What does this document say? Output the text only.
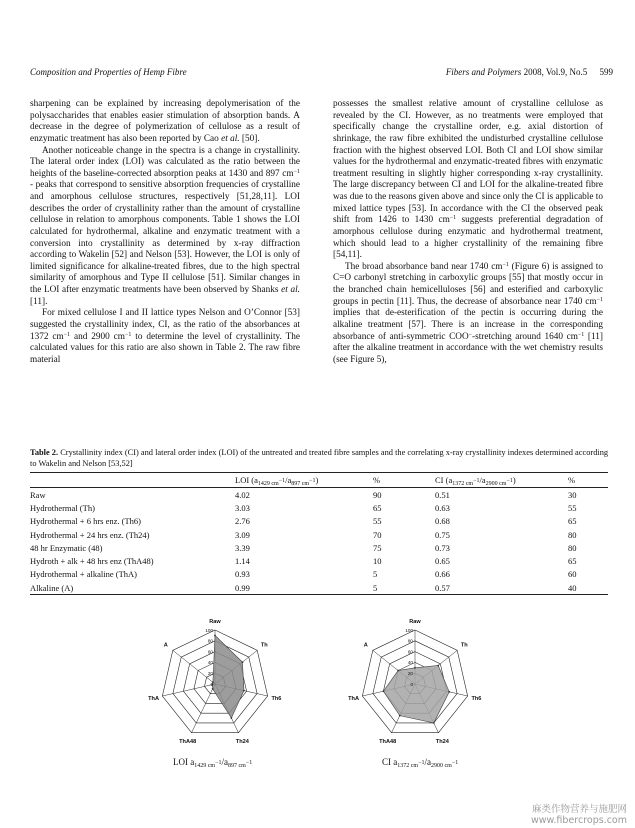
Composition and Properties of Hemp Fibre	Fibers and Polymers 2008, Vol.9, No.5 599

sharpening can be explained by increasing depolymerisation of the polysaccharides that enables easier stimulation of absorption bands. A decrease in the degree of polymerization of cellulose as a result of enzymatic treatment has also been reported by Cao et al. [50].

Another noticeable change in the spectra is a change in crystallinity. The lateral order index (LOI) was calculated as the ratio between the heights of the baseline-corrected absorption peaks at 1430 and 897 $cm^{-1}$ - peaks that correspond to sensitive absorption frequencies of crystalline and amorphous cellulose structures, respectively [51,28,11]. LOI describes the order of crystallinity rather than the amount of crystalline cellulose in relation to amorphous components. Table 1 shows the LOI calculated for hydrothermal, alkaline and enzymatic treatment with a conversion into crystallinity as determined by x-ray diffraction according to Wakelin [52] and Nelson [53]. However, the LOI is only of limited significance for alkaline-treated fibres, due to the high spectral similarity of amorphous and Type II cellulose [51]. Similar changes in the LOI after enzymatic treatments have been observed by Shanks et al. [11].

For mixed cellulose I and II lattice types Nelson and O’Connor [53] suggested the crystallinity index, CI, as the ratio of the absorbances at 1372 $cm^{-1}$ and 2900 $cm^{-1}$ to determine the level of crystallinity. The calculated values for this ratio are also shown in Table 2. The raw fibre material

possesses the smallest relative amount of crystalline cellulose as revealed by the CI. However, as no treatments were employed that specifically change the crystalline order, e.g. axial distortion of shrinkage, the raw fibre exhibited the undisturbed crystalline cellulose fraction with the highest observed LOI. Both CI and LOI show similar values for the hydrothermal and enzymatic-treated fibres with enzymatic treatment resulting in slightly higher corresponding x-ray crystallinity. The large discrepancy between CI and LOI for the alkaline-treated fibre was due to the reasons given above and since only the CI is applicable to mixed lattice types [53]. In accordance with the CI the observed peak shift from 1426 to 1430 $cm^{-1}$ suggests preferential degradation of amorphous cellulose during enzymatic and hydrothermal treatment, which should lead to a higher crystallinity of the remaining fibre [54,11].

The broad absorbance band near 1740 $cm^{-1}$ (Figure 6) is assigned to C=O carbonyl stretching in carboxylic groups [55] that mostly occur in the branched chain hemicelluloses [56] and esterified and carboxylic groups in pectin [11]. Thus, the decrease of absorbance near 1740 $cm^{-1}$ implies that de-esterification of the pectin is occurring during the alkaline treatment [57]. There is an increase in the corresponding absorbance of anti-symmetric COO−-stretching around 1640 $cm^{-1}$ [11] after the alkaline treatment in accordance with the wet chemistry results (see Figure 5),

Table 2. Crystallinity index (CI) and lateral order index (LOI) of the untreated and treated fibre samples and the correlating x-ray crystallinity indexes determined according to Wakelin and Nelson [53,52]
	LOI $(a_{1429 cm^{-1}}/a_{897 cm^{-1}})$	%	CI $(a_{1372 cm^{-1}}/a_{2900 cm^{-1}})$	%
Raw	4.02	90	0.51	30
Hydrothermal (Th)	3.03	65	0.63	55
Hydrothermal + 6 hrs enz. (Th6)	2.76	55	0.68	65
Hydrothermal + 24 hrs enz. (Th24)	3.09	70	0.75	80
48 hr Enzymatic (48)	3.39	75	0.73	80
Hydroth + alk + 48 hrs enz (ThA48)	1.14	10	0.65	65
Hydrothermal + alkaline (ThA)	0.93	5	0.66	60
Alkaline (A)	0.99	5	0.57	40
0
20
40
60
80
100
Raw
Th
Th6
Th24
ThA48
ThA
A
0
20
40
60
80
100
Raw
Th
Th6
Th24
ThA48
ThA
A
LOI $a_{1429 cm^{-1}}/a_{897 cm^{-1}}$	CI $a_{1372 cm^{-1}}/a_{2900 cm^{-1}}$
麻类作物营养与施肥网
www.fibercrops.com
